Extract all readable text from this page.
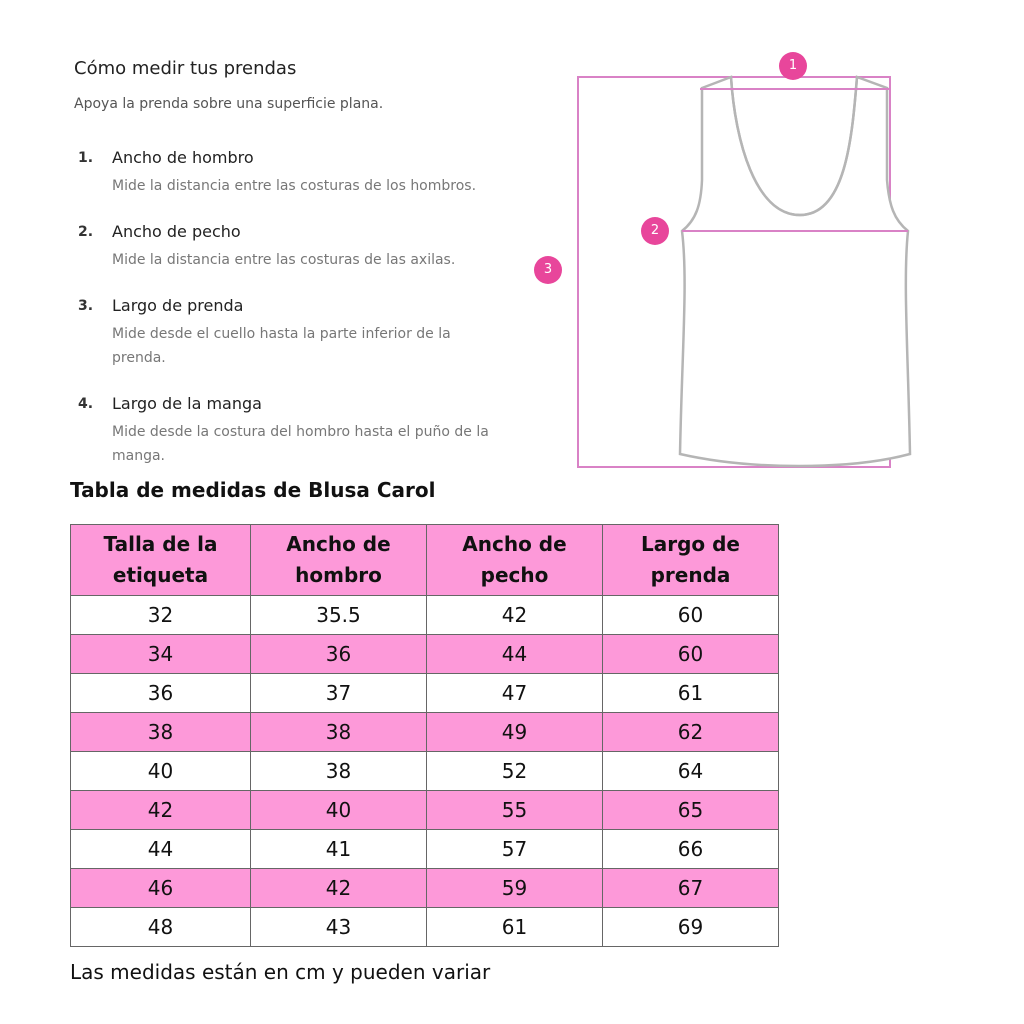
Cómo medir tus prendas
Apoya la prenda sobre una superficie plana.
1. Ancho de hombro
Mide la distancia entre las costuras de los hombros.
2. Ancho de pecho
Mide la distancia entre las costuras de las axilas.
3. Largo de prenda
Mide desde el cuello hasta la parte inferior de la prenda.
4. Largo de la manga
Mide desde la costura del hombro hasta el puño de la manga.
1
2
3
Tabla de medidas de Blusa Carol
Talla de la etiqueta	Ancho de hombro	Ancho de pecho	Largo de prenda
32	35.5	42	60
34	36	44	60
36	37	47	61
38	38	49	62
40	38	52	64
42	40	55	65
44	41	57	66
46	42	59	67
48	43	61	69
Las medidas están en cm y pueden variar
